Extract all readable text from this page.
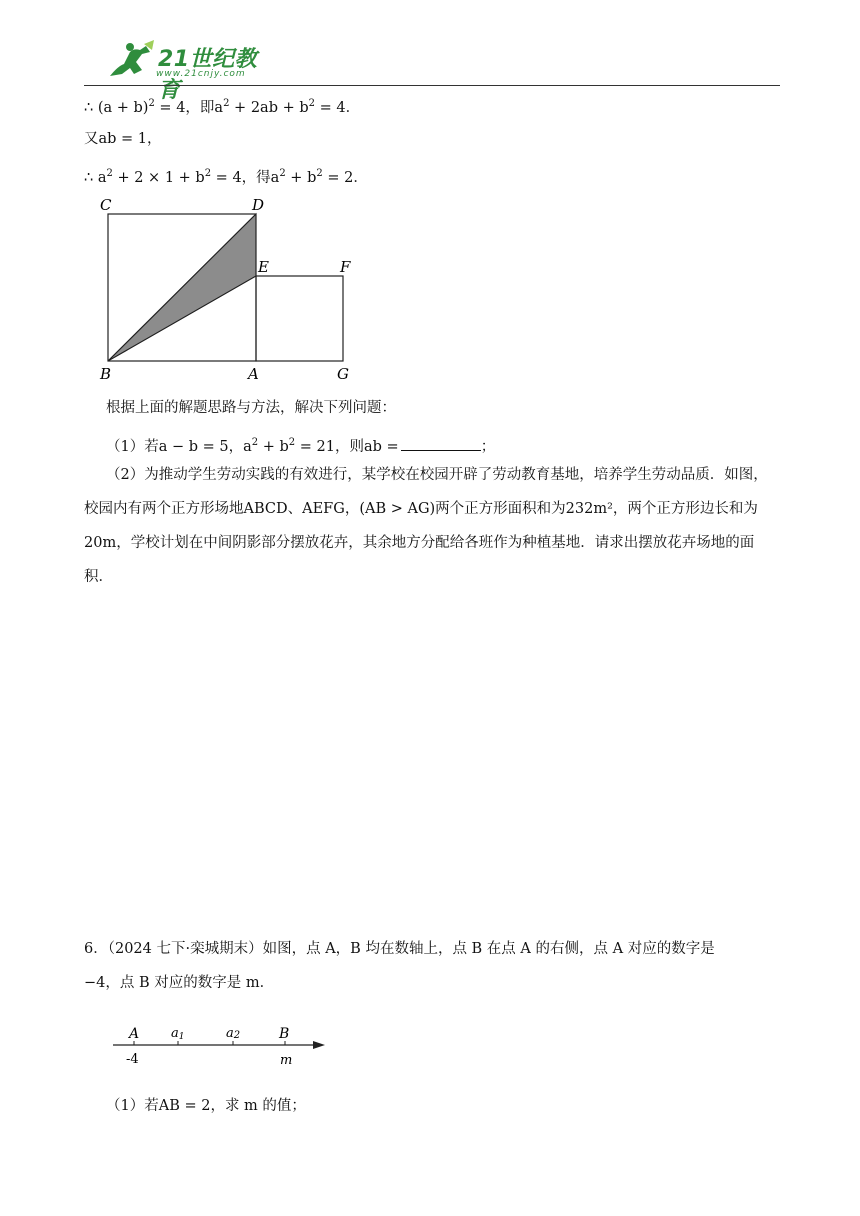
21世纪教育
www.21cnjy.com
∴ $(a + b)^2 = 4$，即$a^2 + 2ab + b^2 = 4$．
又ab = 1，
∴ $a^2 + 2 \times 1 + b^2 = 4$，得$a^2 + b^2 = 2$．
C	D
E	F
B	A	G
根据上面的解题思路与方法，解决下列问题：
（1）若a − b = 5，$a^2 + b^2 = 21$，则ab =	；
（2）为推动学生劳动实践的有效进行，某学校在校园开辟了劳动教育基地，培养学生劳动品质．如图，校园内有两个正方形场地ABCD、AEFG，(AB > AG)两个正方形面积和为232m²，两个正方形边长和为20m，学校计划在中间阴影部分摆放花卉，其余地方分配给各班作为种植基地．请求出摆放花卉场地的面积．
6．（2024 七下·栾城期末）如图，点 A，B 均在数轴上，点 B 在点 A 的右侧，点 A 对应的数字是
−4，点 B 对应的数字是 m．
A a1	a2	B
-4	m
（1）若AB = 2，求 m 的值；
